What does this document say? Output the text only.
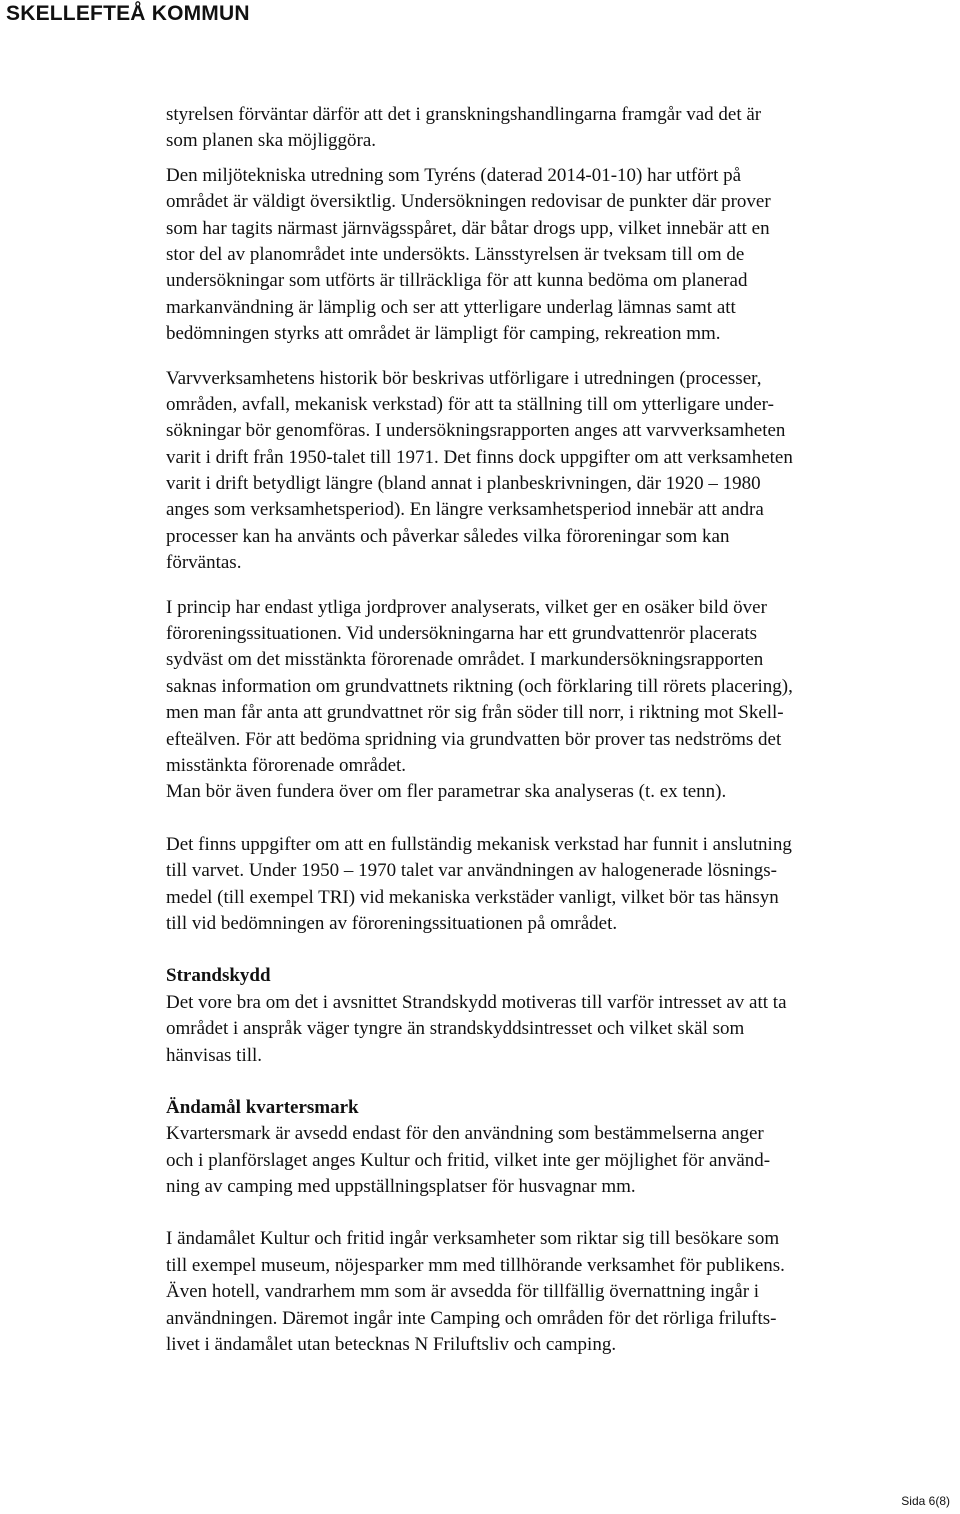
SKELLEFTEÅ KOMMUN
styrelsen förväntar därför att det i granskningshandlingarna framgår vad det är
som planen ska möjliggöra.
Den miljötekniska utredning som Tyréns (daterad 2014-01-10) har utfört på
området är väldigt översiktlig. Undersökningen redovisar de punkter där prover
som har tagits närmast järnvägsspåret, där båtar drogs upp, vilket innebär att en
stor del av planområdet inte undersökts. Länsstyrelsen är tveksam till om de
undersökningar som utförts är tillräckliga för att kunna bedöma om planerad
markanvändning är lämplig och ser att ytterligare underlag lämnas samt att
bedömningen styrks att området är lämpligt för camping, rekreation mm.
Varvverksamhetens historik bör beskrivas utförligare i utredningen (processer,
områden, avfall, mekanisk verkstad) för att ta ställning till om ytterligare under-
sökningar bör genomföras. I undersökningsrapporten anges att varvverksamheten
varit i drift från 1950-talet till 1971. Det finns dock uppgifter om att verksamheten
varit i drift betydligt längre (bland annat i planbeskrivningen, där 1920 – 1980
anges som verksamhetsperiod). En längre verksamhetsperiod innebär att andra
processer kan ha använts och påverkar således vilka föroreningar som kan
förväntas.
I princip har endast ytliga jordprover analyserats, vilket ger en osäker bild över
föroreningssituationen. Vid undersökningarna har ett grundvattenrör placerats
sydväst om det misstänkta förorenade området. I markundersökningsrapporten
saknas information om grundvattnets riktning (och förklaring till rörets placering),
men man får anta att grundvattnet rör sig från söder till norr, i riktning mot Skell-
efteälven. För att bedöma spridning via grundvatten bör prover tas nedströms det
misstänkta förorenade området.
Man bör även fundera över om fler parametrar ska analyseras (t. ex tenn).
Det finns uppgifter om att en fullständig mekanisk verkstad har funnit i anslutning
till varvet. Under 1950 – 1970 talet var användningen av halogenerade lösnings-
medel (till exempel TRI) vid mekaniska verkstäder vanligt, vilket bör tas hänsyn
till vid bedömningen av föroreningssituationen på området.
Strandskydd
Det vore bra om det i avsnittet Strandskydd motiveras till varför intresset av att ta
området i anspråk väger tyngre än strandskyddsintresset och vilket skäl som
hänvisas till.
Ändamål kvartersmark
Kvartersmark är avsedd endast för den användning som bestämmelserna anger
och i planförslaget anges Kultur och fritid, vilket inte ger möjlighet för använd-
ning av camping med uppställningsplatser för husvagnar mm.
I ändamålet Kultur och fritid ingår verksamheter som riktar sig till besökare som
till exempel museum, nöjesparker mm med tillhörande verksamhet för publikens.
Även hotell, vandrarhem mm som är avsedda för tillfällig övernattning ingår i
användningen. Däremot ingår inte Camping och områden för det rörliga frilufts-
livet i ändamålet utan betecknas N Friluftsliv och camping.
Sida 6(8)
